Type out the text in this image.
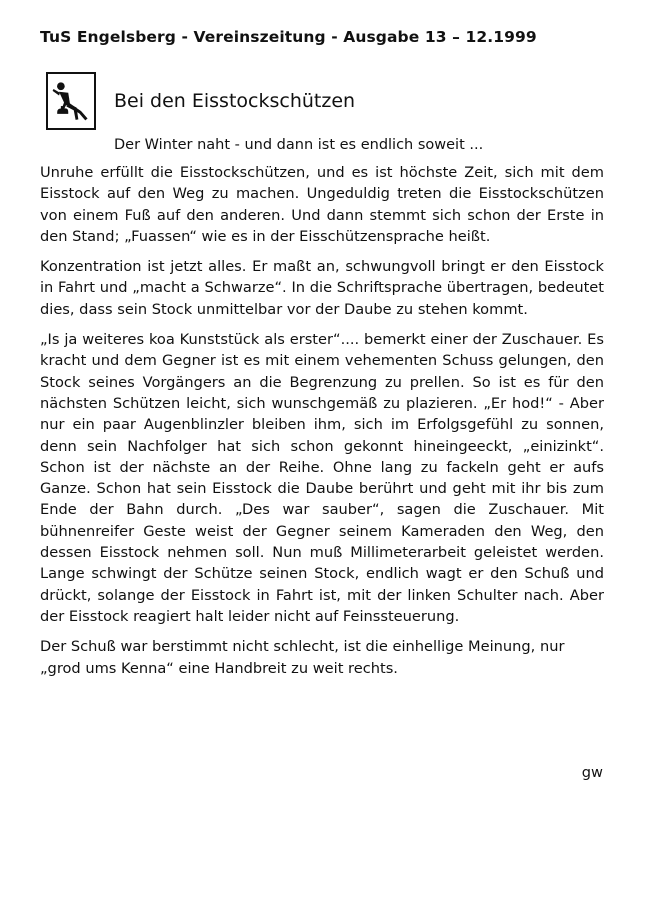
TuS Engelsberg - Vereinszeitung - Ausgabe 13 – 12.1999
Bei den Eisstockschützen
Der Winter naht - und dann ist es endlich soweit ...

Unruhe erfüllt die Eisstockschützen, und es ist höchste Zeit, sich mit dem Eisstock auf den Weg zu machen. Ungeduldig treten die Eisstockschützen von einem Fuß auf den anderen. Und dann stemmt sich schon der Erste in den Stand; „Fuassen“ wie es in der Eisschützensprache heißt.

Konzentration ist jetzt alles. Er maßt an, schwungvoll bringt er den Eisstock in Fahrt und „macht a Schwarze“. In die Schriftsprache übertragen, bedeutet dies, dass sein Stock unmittelbar vor der Daube zu stehen kommt.

„Is ja weiteres koa Kunststück als erster“.... bemerkt einer der Zuschauer. Es kracht und dem Gegner ist es mit einem vehementen Schuss gelungen, den Stock seines Vorgängers an die Begrenzung zu prellen. So ist es für den nächsten Schützen leicht, sich wunschgemäß zu plazieren. „Er hod!“ - Aber nur ein paar Augenblinzler bleiben ihm, sich im Erfolgsgefühl zu sonnen, denn sein Nachfolger hat sich schon gekonnt hineingeeckt, „einizinkt“. Schon ist der nächste an der Reihe. Ohne lang zu fackeln geht er aufs Ganze. Schon hat sein Eisstock die Daube berührt und geht mit ihr bis zum Ende der Bahn durch. „Des war sauber“, sagen die Zuschauer. Mit bühnenreifer Geste weist der Gegner seinem Kameraden den Weg, den dessen Eisstock nehmen soll. Nun muß Millimeterarbeit geleistet werden. Lange schwingt der Schütze seinen Stock, endlich wagt er den Schuß und drückt, solange der Eisstock in Fahrt ist, mit der linken Schulter nach. Aber der Eisstock reagiert halt leider nicht auf Feinssteuerung.

Der Schuß war berstimmt nicht schlecht, ist die einhellige Meinung, nur „grod ums Kenna“ eine Handbreit zu weit rechts.

gw
